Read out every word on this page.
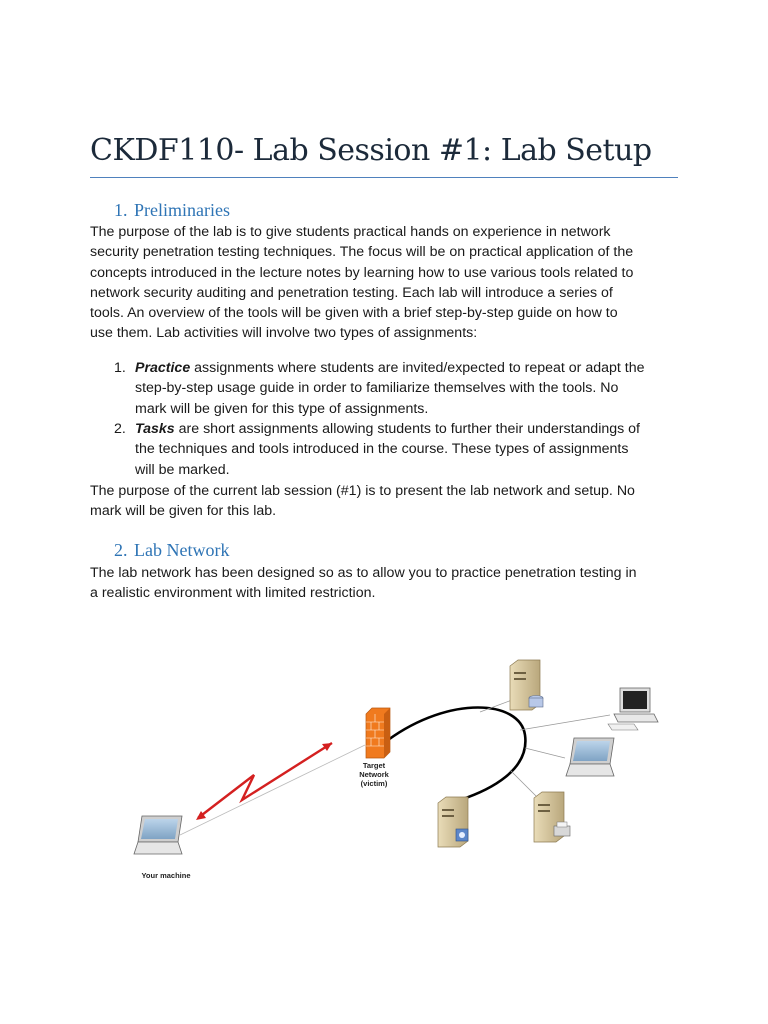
CKDF110- Lab Session #1: Lab Setup
1. Preliminaries
The purpose of the lab is to give students practical hands on experience in network
security penetration testing techniques. The focus will be on practical application of the
concepts introduced in the lecture notes by learning how to use various tools related to
network security auditing and penetration testing. Each lab will introduce a series of
tools. An overview of the tools will be given with a brief step-by-step guide on how to
use them. Lab activities will involve two types of assignments:
1. Practice assignments where students are invited/expected to repeat or adapt the
step-by-step usage guide in order to familiarize themselves with the tools. No
mark will be given for this type of assignments.
2. Tasks are short assignments allowing students to further their understandings of
the techniques and tools introduced in the course. These types of assignments
will be marked.
The purpose of the current lab session (#1) is to present the lab network and setup. No
mark will be given for this lab.
2. Lab Network
The lab network has been designed so as to allow you to practice penetration testing in
a realistic environment with limited restriction.
Target
Network
(victim)
Your machine
